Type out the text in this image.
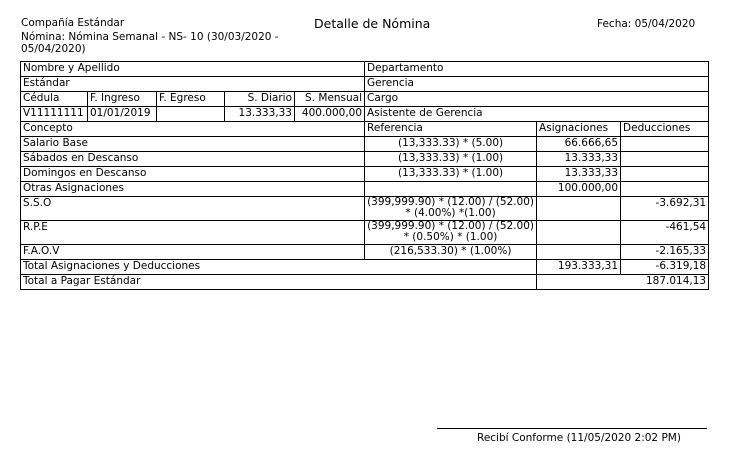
Compañía Estándar
Nómina: Nómina Semanal - NS- 10 (30/03/2020 - 05/04/2020)
Detalle de Nómina	Fecha: 05/04/2020
Nombre y Apellido					Departamento		
Estándar					Gerencia		
Cédula	F. Ingreso	F. Egreso	S. Diario	S. Mensual	Cargo		
V11111111	01/01/2019		13.333,33	400.000,00	Asistente de Gerencia		
Concepto					Referencia	Asignaciones	Deducciones
Salario Base					(13,333.33) * (5.00)	66.666,65	
Sábados en Descanso					(13,333.33) * (1.00)	13.333,33	
Domingos en Descanso					(13,333.33) * (1.00)	13.333,33	
Otras Asignaciones						100.000,00	
S.S.O					(399,999.90) * (12.00) / (52.00) * (4.00%) *(1.00)		-3.692,31
R.P.E					(399,999.90) * (12.00) / (52.00) * (0.50%) * (1.00)		-461,54
F.A.O.V					(216,533.30) * (1.00%)		-2.165,33
Total Asignaciones y Deducciones						193.333,31	-6.319,18
Total a Pagar Estándar						187.014,13	
Recibí Conforme (11/05/2020 2:02 PM)
